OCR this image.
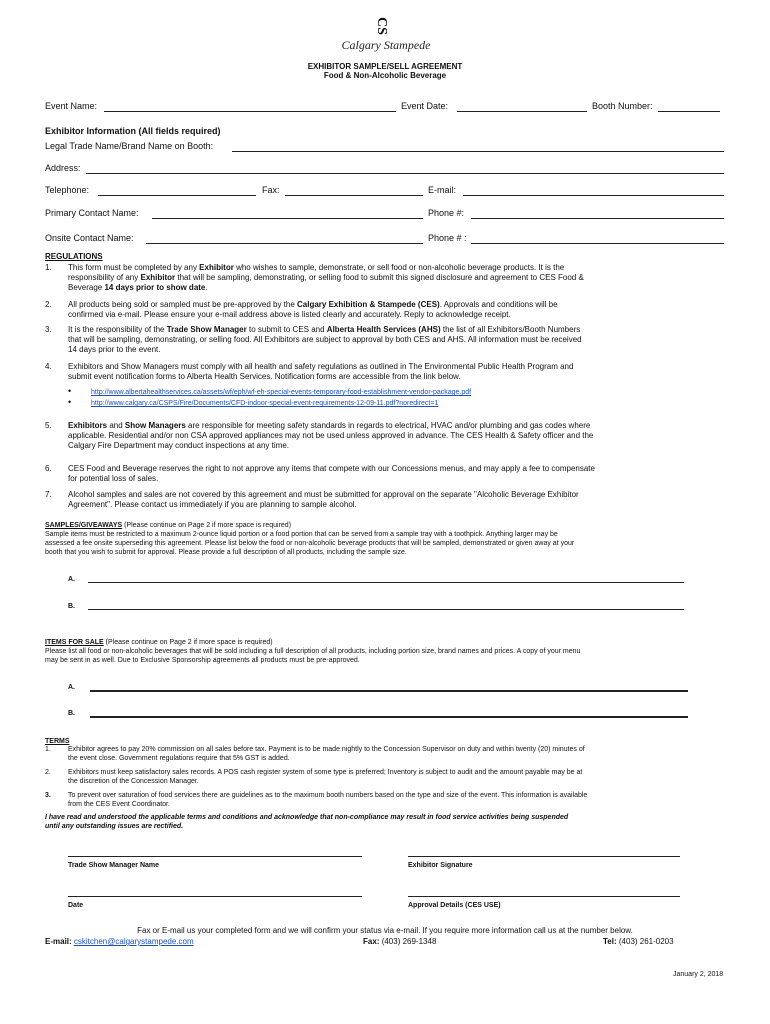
CS
Calgary Stampede
EXHIBITOR SAMPLE/SELL AGREEMENT
Food & Non-Alcoholic Beverage
Event Name:	Event Date:	Booth Number:
Exhibitor Information (All fields required)
Legal Trade Name/Brand Name on Booth:
Address:
Telephone:	Fax:	E-mail:
Primary Contact Name:	Phone #:
Onsite Contact Name:	Phone # :
REGULATIONS
1. This form must be completed by any Exhibitor who wishes to sample, demonstrate, or sell food or non-alcoholic beverage products. It is the

responsibility of any Exhibitor that will be sampling, demonstrating, or selling food to submit this signed disclosure and agreement to CES Food &

Beverage 14 days prior to show date.

2. All products being sold or sampled must be pre-approved by the Calgary Exhibition & Stampede (CES). Approvals and conditions will be

confirmed via e-mail. Please ensure your e-mail address above is listed clearly and accurately. Reply to acknowledge receipt.

3. It is the responsibility of the Trade Show Manager to submit to CES and Alberta Health Services (AHS) the list of all Exhibitors/Booth Numbers

that will be sampling, demonstrating, or selling food. All Exhibitors are subject to approval by both CES and AHS. All information must be received

14 days prior to the event.

4. Exhibitors and Show Managers must comply with all health and safety regulations as outlined in The Environmental Public Health Program and

submit event notification forms to Alberta Health Services. Notification forms are accessible from the link below.

•	http://www.albertahealthservices.ca/assets/wf/eph/wf-eh-special-events-temporary-food-establishment-vendor-package.pdf
•	http://www.calgary.ca/CSPS/Fire/Documents/CFD-indoor-special-event-requirements-12-09-11.pdf?noredirect=1
5. Exhibitors and Show Managers are responsible for meeting safety standards in regards to electrical, HVAC and/or plumbing and gas codes where

applicable. Residential and/or non CSA approved appliances may not be used unless approved in advance. The CES Health & Safety officer and the

Calgary Fire Department may conduct inspections at any time.

6. CES Food and Beverage reserves the right to not approve any items that compete with our Concessions menus, and may apply a fee to compensate

for potential loss of sales.

7. Alcohol samples and sales are not covered by this agreement and must be submitted for approval on the separate "Alcoholic Beverage Exhibitor

Agreement". Please contact us immediately if you are planning to sample alcohol.

SAMPLES/GIVEAWAYS (Please continue on Page 2 if more space is required)

Sample items must be restricted to a maximum 2-ounce liquid portion or a food portion that can be served from a sample tray with a toothpick. Anything larger may be

assessed a fee onsite superseding this agreement. Please list below the food or non-alcoholic beverage products that will be sampled, demonstrated or given away at your

booth that you wish to submit for approval. Please provide a full description of all products, including the sample size.

A.
B.
ITEMS FOR SALE (Please continue on Page 2 if more space is required)

Please list all food or non-alcoholic beverages that will be sold including a full description of all products, including portion size, brand names and prices. A copy of your menu

may be sent in as well. Due to Exclusive Sponsorship agreements all products must be pre-approved.

A.
B.
TERMS
1. Exhibitor agrees to pay 20% commission on all sales before tax. Payment is to be made nightly to the Concession Supervisor on duty and within twenty (20) minutes of

the event close. Government regulations require that 5% GST is added.

2. Exhibitors must keep satisfactory sales records. A POS cash register system of some type is preferred; Inventory is subject to audit and the amount payable may be at

the discretion of the Concession Manager.

3. To prevent over saturation of food services there are guidelines as to the maximum booth numbers based on the type and size of the event. This information is available

from the CES Event Coordinator.

I have read and understood the applicable terms and conditions and acknowledge that non-compliance may result in food service activities being suspended

until any outstanding issues are rectified.

Trade Show Manager Name	Exhibitor Signature
Date	Approval Details (CES USE)
Fax or E-mail us your completed form and we will confirm your status via e-mail. If you require more information call us at the number below.
E-mail: cskitchen@calgarystampede.com	Fax: (403) 269-1348	Tel: (403) 261-0203
January 2, 2018
